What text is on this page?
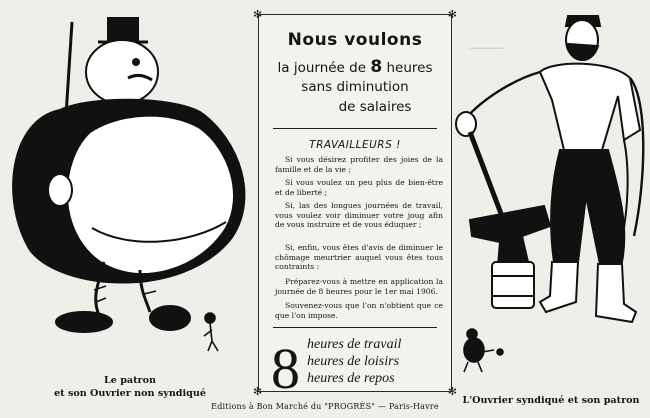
———
✻	✻
✻	✻
Nous voulons
la journée de 8 heures
sans diminution
de salaires
TRAVAILLEURS !
Si vous désirez profiter des joies de la famille et de la vie ;
Si vous voulez un peu plus de bien-être et de liberté ;
Si, las des longues journées de travail, vous voulez voir diminuer votre joug afin de vous instruire et de vous éduquer ;
Si, enfin, vous êtes d'avis de diminuer le chômage meurtrier auquel vous êtes tous contraints :
Préparez-vous à mettre en application la journée de 8 heures pour le 1er mai 1906.
Souvenez-vous que l'on n'obtient que ce que l'on impose.
8 heures de travail
heures de loisirs
heures de repos
Le patron
et son Ouvrier non syndiqué
L'Ouvrier syndiqué et son patron
Editions à Bon Marché du "PROGRÈS" — Paris-Havre
